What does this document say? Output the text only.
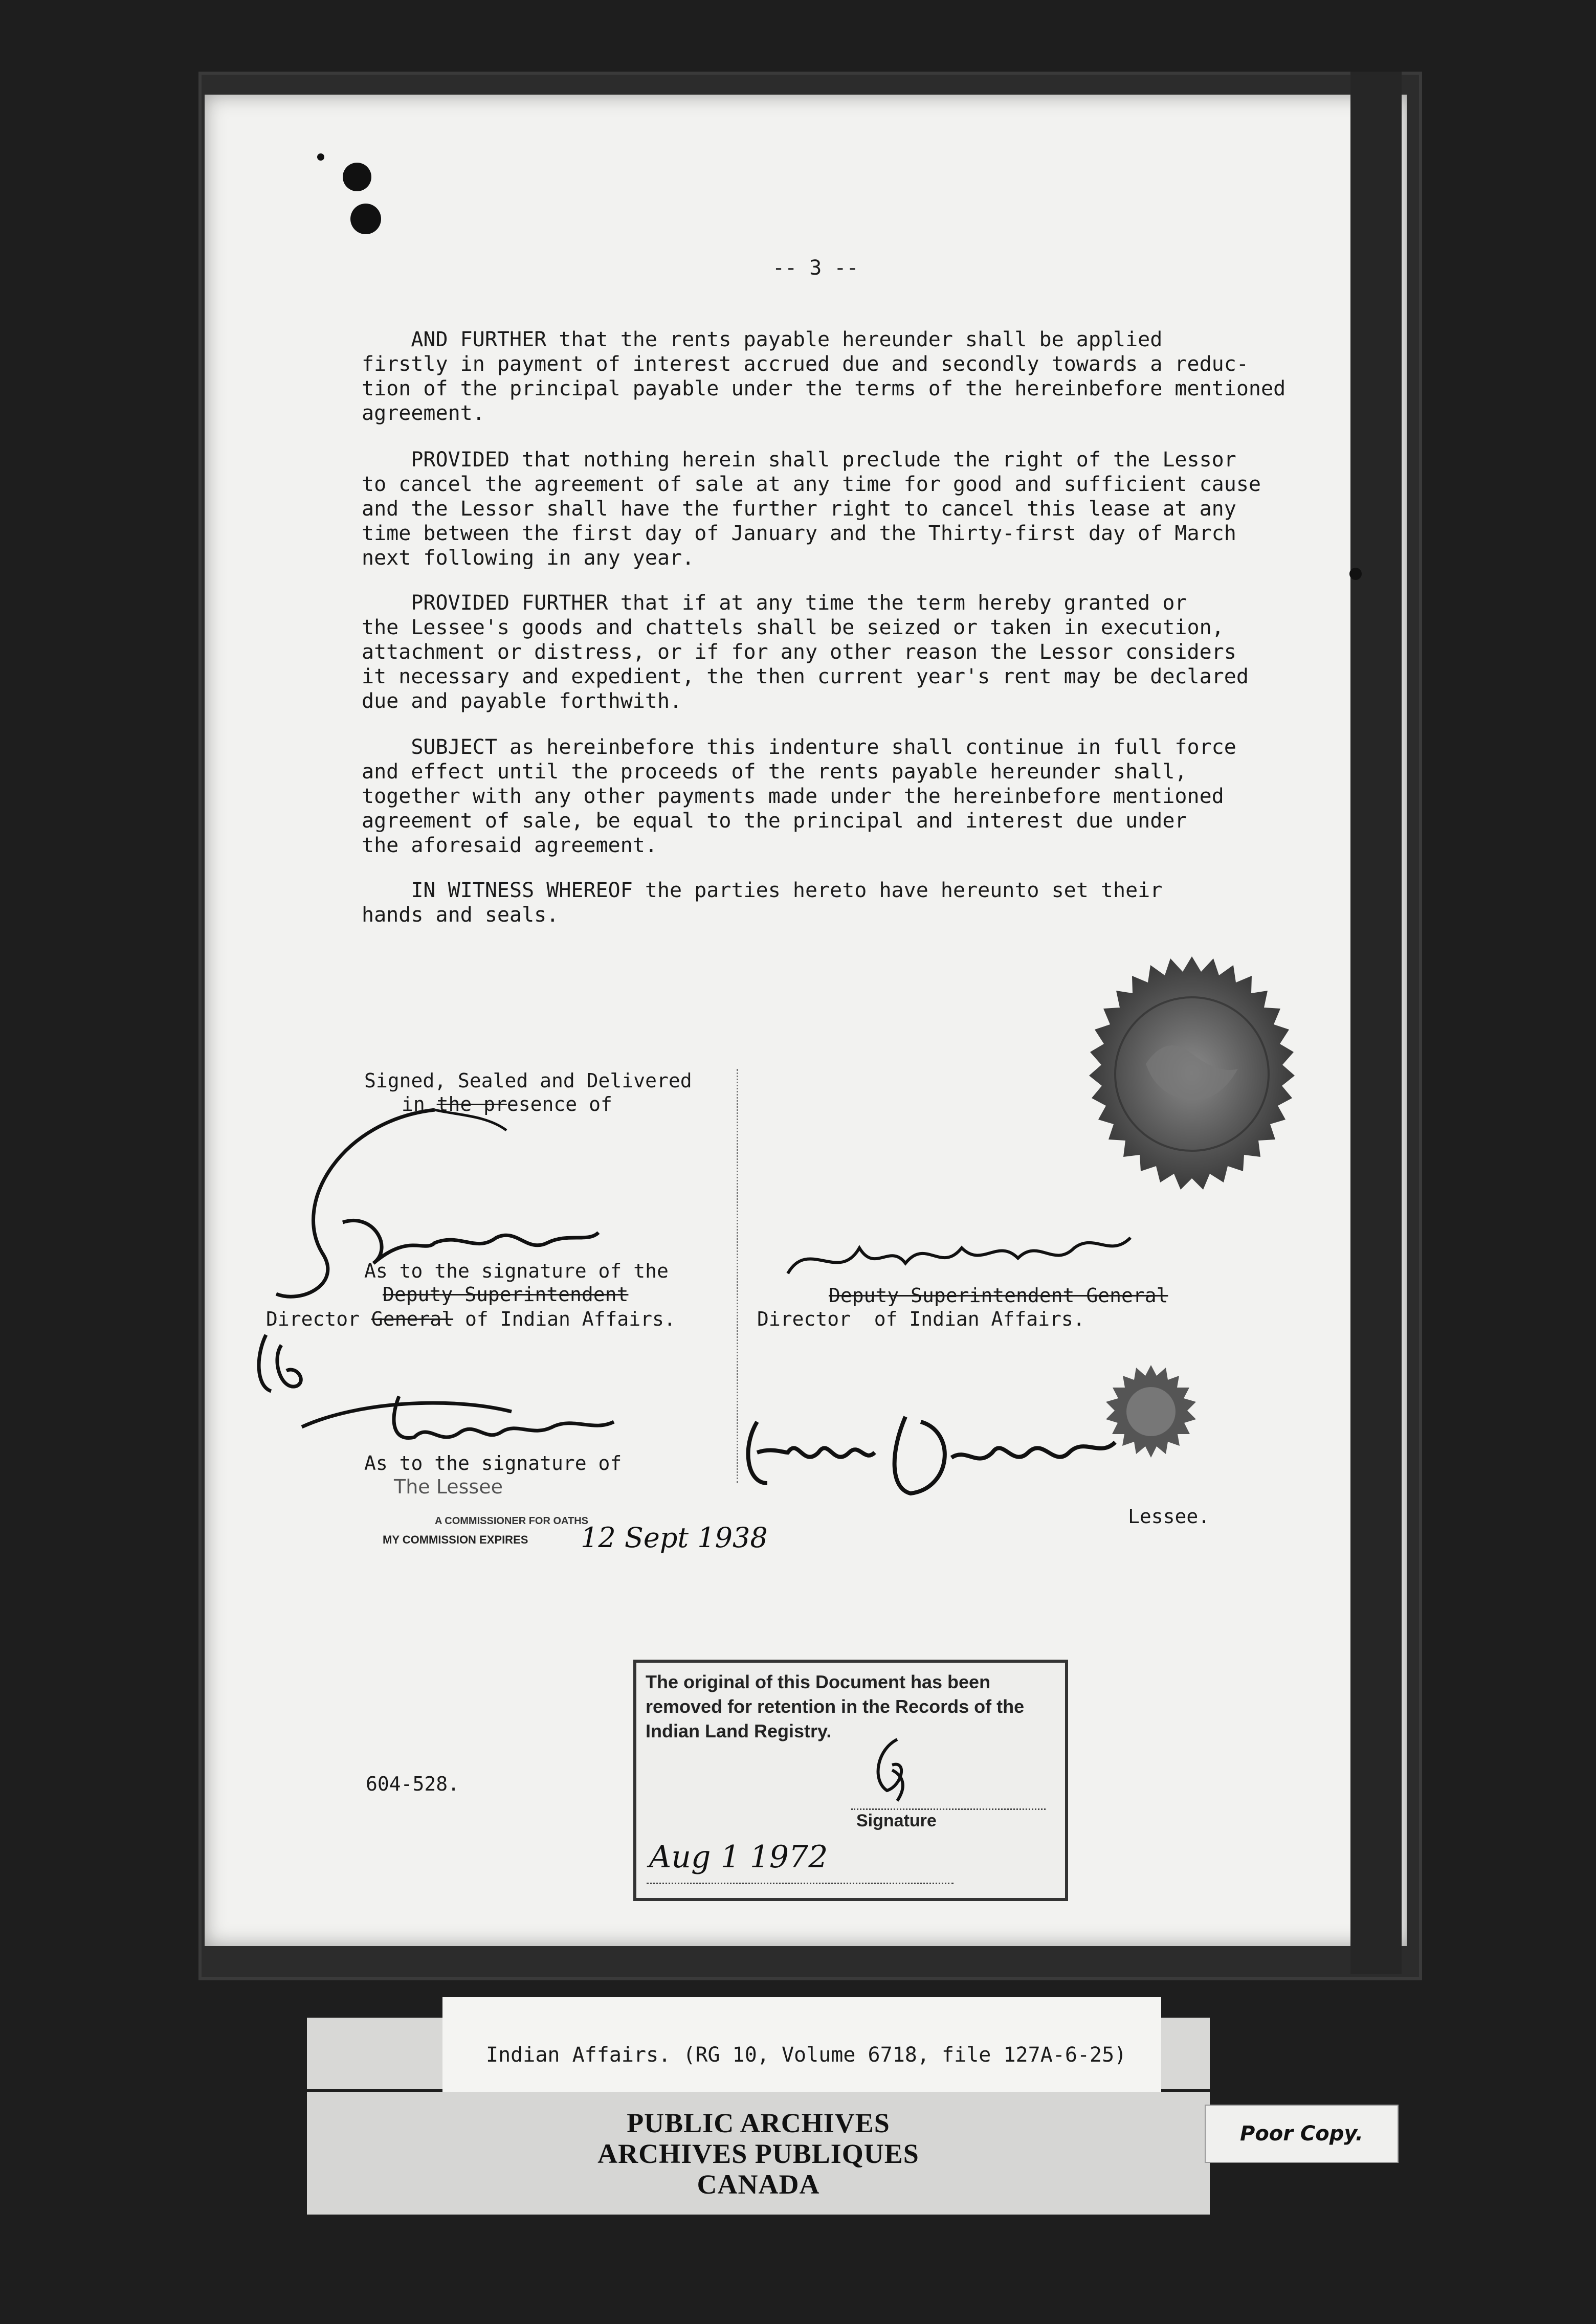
-- 3 --
AND FURTHER that the rents payable hereunder shall be applied
firstly in payment of interest accrued due and secondly towards a reduc-
tion of the principal payable under the terms of the hereinbefore mentioned
agreement.
PROVIDED that nothing herein shall preclude the right of the Lessor
to cancel the agreement of sale at any time for good and sufficient cause
and the Lessor shall have the further right to cancel this lease at any
time between the first day of January and the Thirty-first day of March
next following in any year.
PROVIDED FURTHER that if at any time the term hereby granted or
the Lessee's goods and chattels shall be seized or taken in execution,
attachment or distress, or if for any other reason the Lessor considers
it necessary and expedient, the then current year's rent may be declared
due and payable forthwith.
SUBJECT as hereinbefore this indenture shall continue in full force
and effect until the proceeds of the rents payable hereunder shall,
together with any other payments made under the hereinbefore mentioned
agreement of sale, be equal to the principal and interest due under
the aforesaid agreement.
IN WITNESS WHEREOF the parties hereto have hereunto set their
hands and seals.
Signed, Sealed and Delivered
in the presence of
As to the signature of the
Deputy Superintendent
Director General of Indian Affairs.
Deputy Superintendent General
Director  of Indian Affairs.
As to the signature of
The Lessee
A COMMISSIONER FOR OATHS
MY COMMISSION EXPIRES 12 Sept 1938
Lessee.
604-528.
The original of this Document has been removed for retention in the Records of the Indian Land Registry.
Signature
Aug 1 1972
Indian Affairs. (RG 10, Volume 6718, file 127A-6-25)
PUBLIC ARCHIVES
ARCHIVES PUBLIQUES
CANADA
Poor Copy.
